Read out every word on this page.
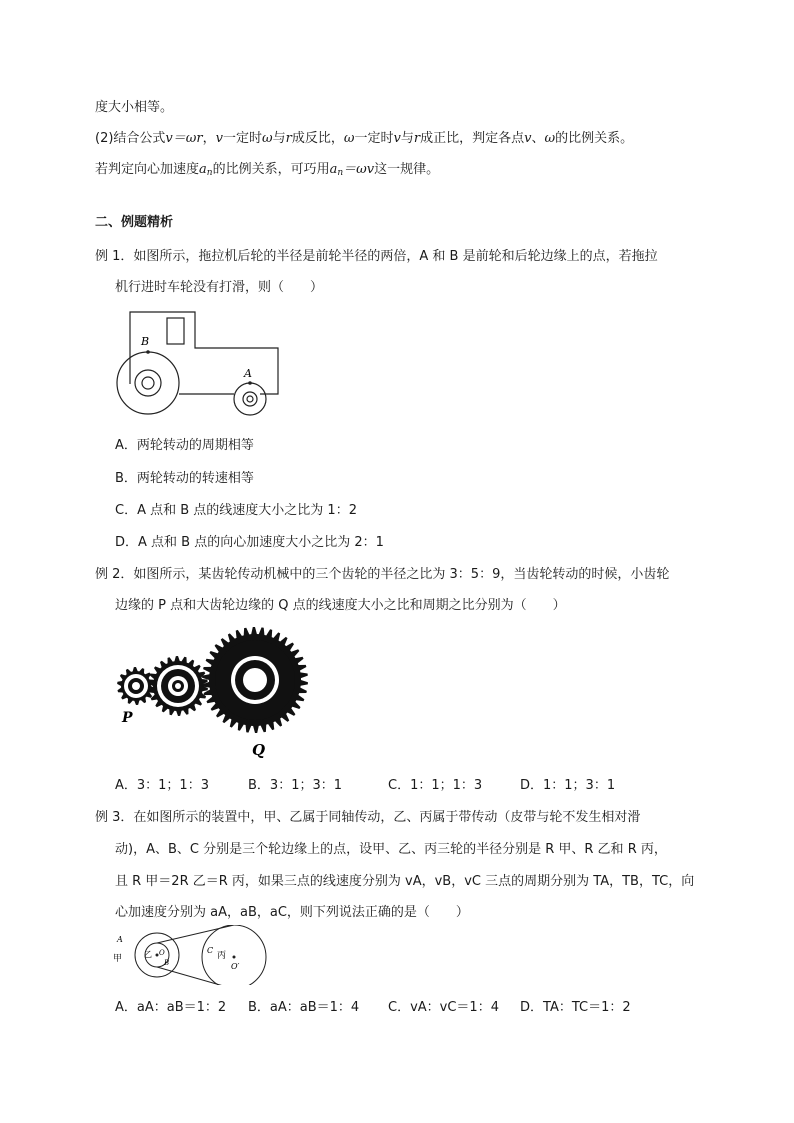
度大小相等。
(2)结合公式v＝ωr，v一定时ω与r成反比，ω一定时v与r成正比，判定各点v、ω的比例关系。
若判定向心加速度$a_n$的比例关系，可巧用$a_n=\omega v$这一规律。
二、例题精析
例 1．如图所示，拖拉机后轮的半径是前轮半径的两倍，A 和 B 是前轮和后轮边缘上的点，若拖拉
机行进时车轮没有打滑，则（　　）
B
A
A．两轮转动的周期相等
B．两轮转动的转速相等
C．A 点和 B 点的线速度大小之比为 1：2
D．A 点和 B 点的向心加速度大小之比为 2：1
例 2．如图所示，某齿轮传动机械中的三个齿轮的半径之比为 3：5：9，当齿轮转动的时候，小齿轮
边缘的 P 点和大齿轮边缘的 Q 点的线速度大小之比和周期之比分别为（　　）
P
Q
A．3：1；1：3	B．3：1；3：1	C．1：1；1：3	D．1：1；3：1
例 3．在如图所示的装置中，甲、乙属于同轴传动，乙、丙属于带传动（皮带与轮不发生相对滑
动)，A、B、C 分别是三个轮边缘上的点，设甲、乙、丙三轮的半径分别是 R 甲、R 乙和 R 丙，
且 R 甲＝2R 乙＝R 丙，如果三点的线速度分别为 vA，vB，vC 三点的周期分别为 TA，TB，TC，向
心加速度分别为 aA，aB，aC，则下列说法正确的是（　　）
A
甲	乙 O
B
C
丙
O′
A．aA：aB＝1：2 B．aA：aB＝1：4 C．vA：vC＝1：4 D．TA：TC＝1：2
